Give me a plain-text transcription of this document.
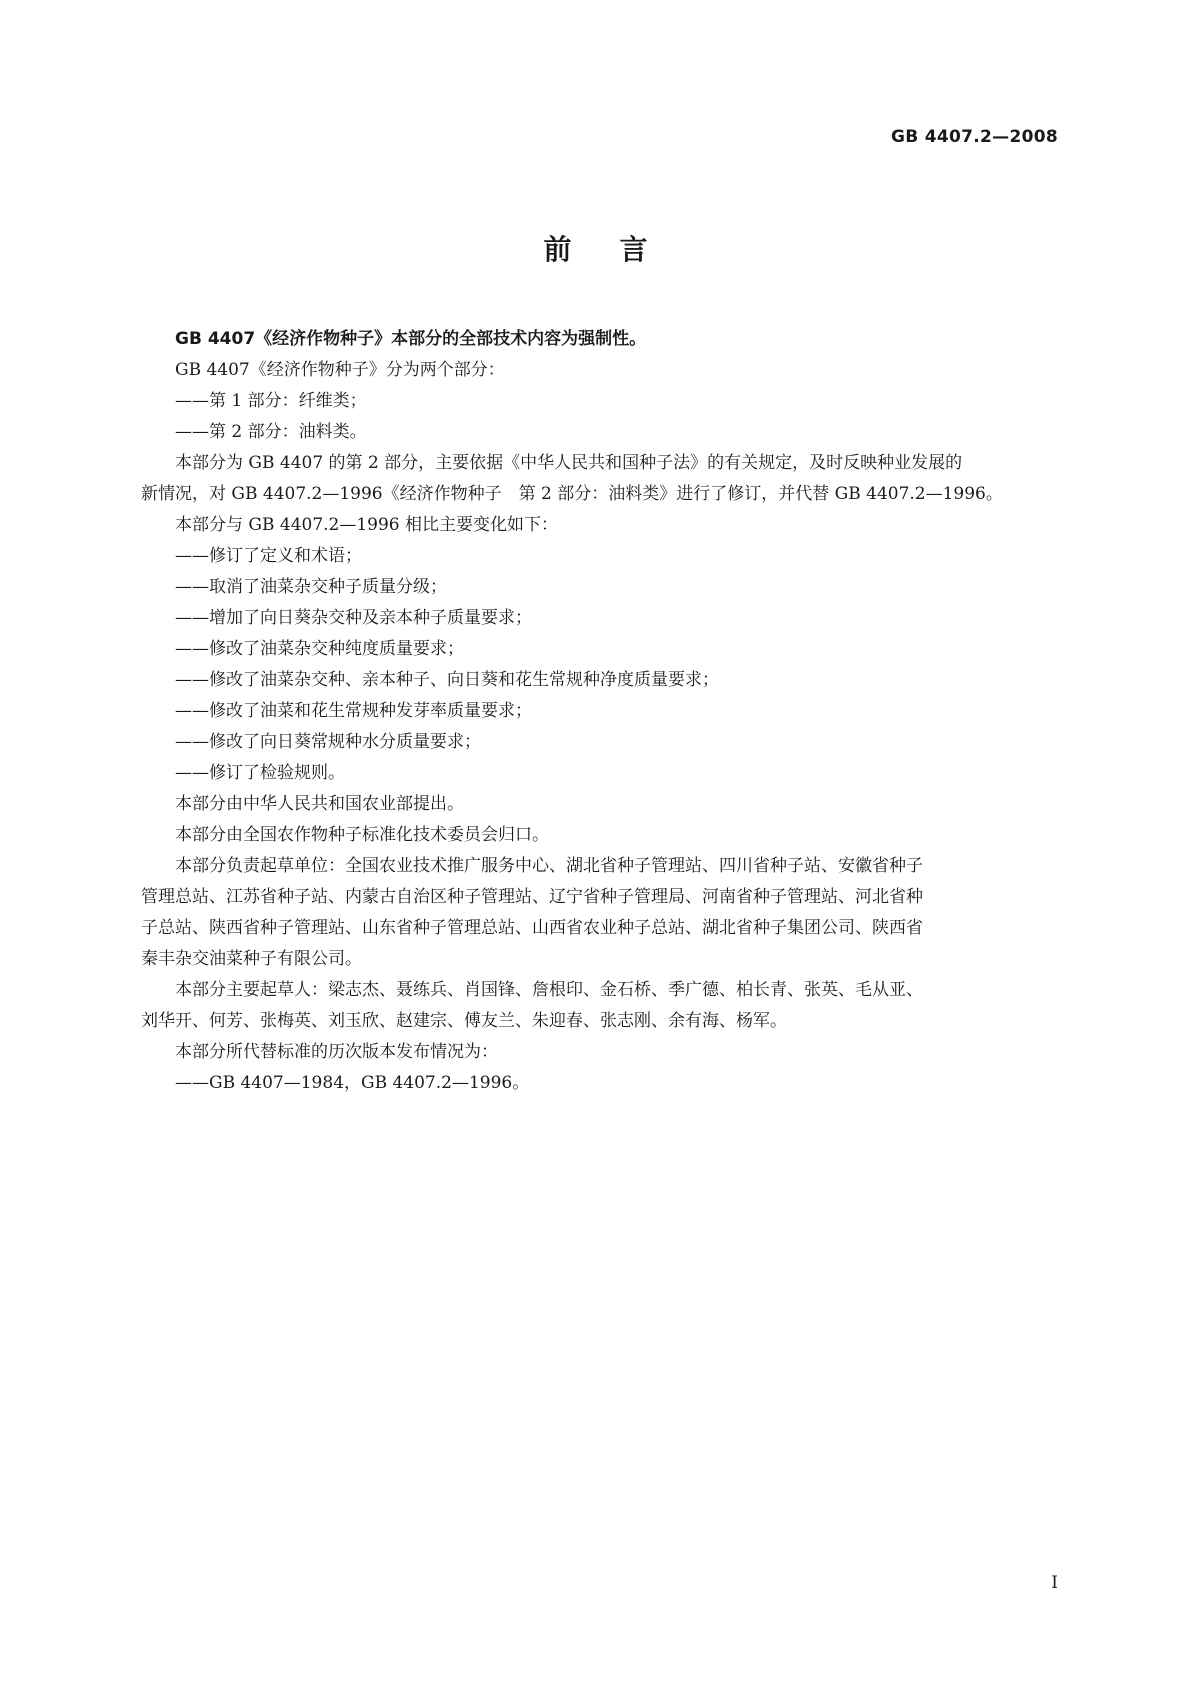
GB 4407.2—2008
前言

GB 4407《经济作物种子》本部分的全部技术内容为强制性。

GB 4407《经济作物种子》分为两个部分：

——第 1 部分：纤维类；

——第 2 部分：油料类。

本部分为 GB 4407 的第 2 部分，主要依据《中华人民共和国种子法》的有关规定，及时反映种业发展的

新情况，对 GB 4407.2—1996《经济作物种子　第 2 部分：油料类》进行了修订，并代替 GB 4407.2—1996。

本部分与 GB 4407.2—1996 相比主要变化如下：

——修订了定义和术语；

——取消了油菜杂交种子质量分级；

——增加了向日葵杂交种及亲本种子质量要求；

——修改了油菜杂交种纯度质量要求；

——修改了油菜杂交种、亲本种子、向日葵和花生常规种净度质量要求；

——修改了油菜和花生常规种发芽率质量要求；

——修改了向日葵常规种水分质量要求；

——修订了检验规则。

本部分由中华人民共和国农业部提出。

本部分由全国农作物种子标准化技术委员会归口。

本部分负责起草单位：全国农业技术推广服务中心、湖北省种子管理站、四川省种子站、安徽省种子

管理总站、江苏省种子站、内蒙古自治区种子管理站、辽宁省种子管理局、河南省种子管理站、河北省种

子总站、陕西省种子管理站、山东省种子管理总站、山西省农业种子总站、湖北省种子集团公司、陕西省

秦丰杂交油菜种子有限公司。

本部分主要起草人：梁志杰、聂练兵、肖国锋、詹根印、金石桥、季广德、柏长青、张英、毛从亚、

刘华开、何芳、张梅英、刘玉欣、赵建宗、傅友兰、朱迎春、张志刚、余有海、杨军。

本部分所代替标准的历次版本发布情况为：

——GB 4407—1984，GB 4407.2—1996。

I
